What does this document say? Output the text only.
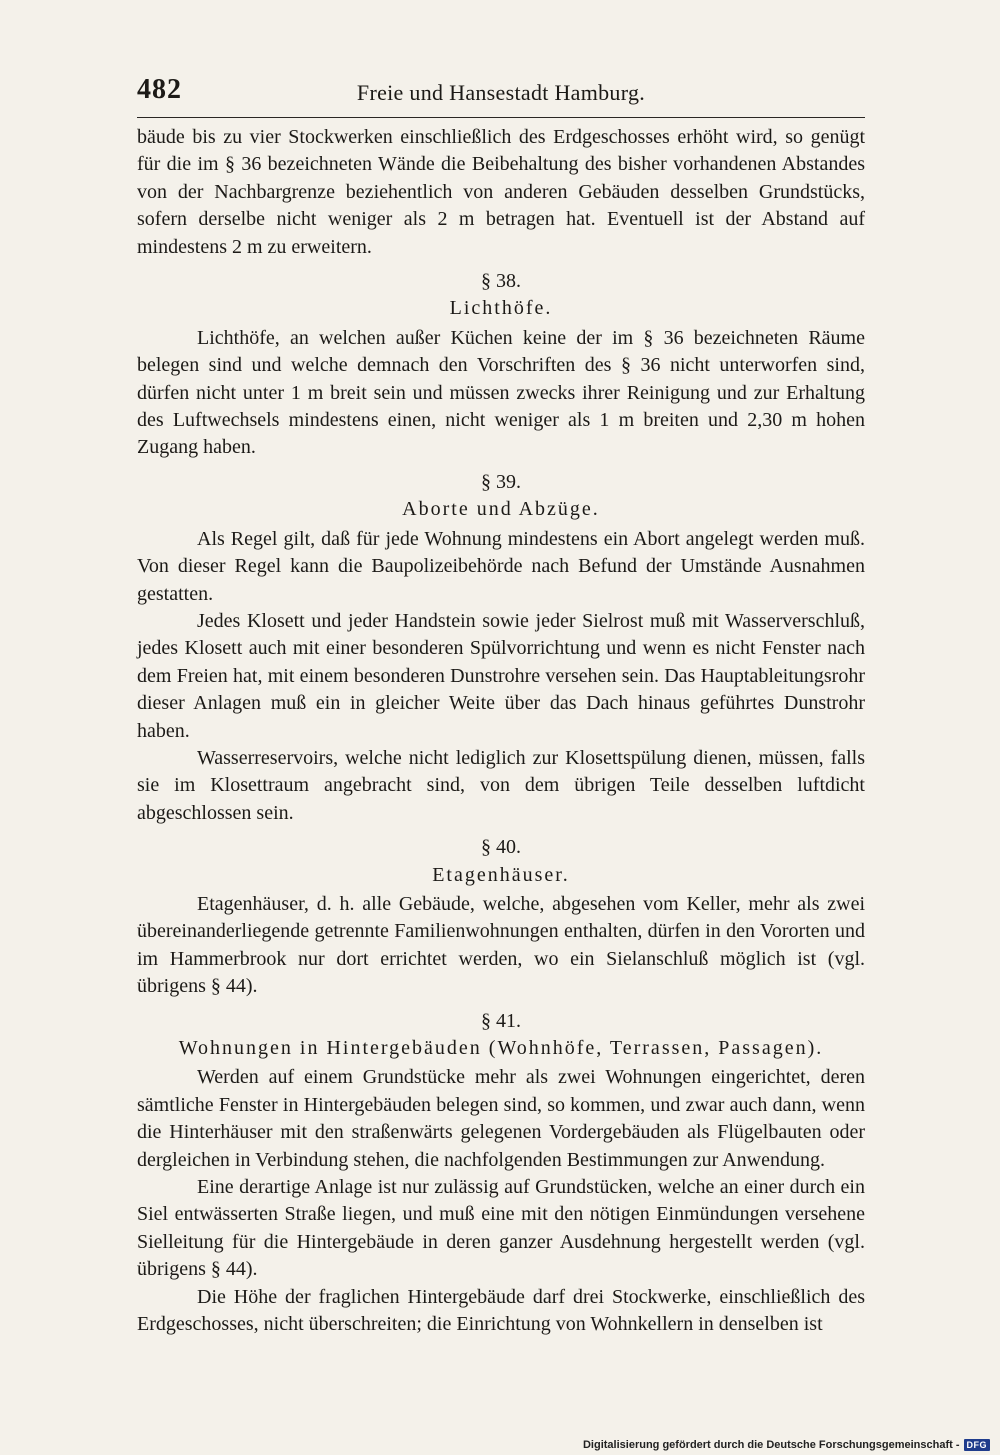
482	Freie und Hansestadt Hamburg.

bäude bis zu vier Stockwerken einschließlich des Erdgeschosses erhöht wird, so genügt für die im § 36 bezeichneten Wände die Beibehaltung des bisher vorhandenen Abstandes von der Nachbargrenze beziehentlich von anderen Gebäuden desselben Grundstücks, sofern derselbe nicht weniger als 2 m betragen hat. Eventuell ist der Abstand auf mindestens 2 m zu erweitern.

§ 38.
Lichthöfe.

Lichthöfe, an welchen außer Küchen keine der im § 36 bezeichneten Räume belegen sind und welche demnach den Vorschriften des § 36 nicht unterworfen sind, dürfen nicht unter 1 m breit sein und müssen zwecks ihrer Reinigung und zur Erhaltung des Luftwechsels mindestens einen, nicht weniger als 1 m breiten und 2,30 m hohen Zugang haben.

§ 39.
Aborte und Abzüge.

Als Regel gilt, daß für jede Wohnung mindestens ein Abort angelegt werden muß. Von dieser Regel kann die Baupolizeibehörde nach Befund der Umstände Ausnahmen gestatten.

Jedes Klosett und jeder Handstein sowie jeder Sielrost muß mit Wasserverschluß, jedes Klosett auch mit einer besonderen Spülvorrichtung und wenn es nicht Fenster nach dem Freien hat, mit einem besonderen Dunstrohre versehen sein. Das Hauptableitungsrohr dieser Anlagen muß ein in gleicher Weite über das Dach hinaus geführtes Dunstrohr haben.

Wasserreservoirs, welche nicht lediglich zur Klosettspülung dienen, müssen, falls sie im Klosettraum angebracht sind, von dem übrigen Teile desselben luftdicht abgeschlossen sein.

§ 40.
Etagenhäuser.

Etagenhäuser, d. h. alle Gebäude, welche, abgesehen vom Keller, mehr als zwei übereinanderliegende getrennte Familienwohnungen enthalten, dürfen in den Vororten und im Hammerbrook nur dort errichtet werden, wo ein Sielanschluß möglich ist (vgl. übrigens § 44).

§ 41.
Wohnungen in Hintergebäuden (Wohnhöfe, Terrassen, Passagen).

Werden auf einem Grundstücke mehr als zwei Wohnungen eingerichtet, deren sämtliche Fenster in Hintergebäuden belegen sind, so kommen, und zwar auch dann, wenn die Hinterhäuser mit den straßenwärts gelegenen Vordergebäuden als Flügelbauten oder dergleichen in Verbindung stehen, die nachfolgenden Bestimmungen zur Anwendung.

Eine derartige Anlage ist nur zulässig auf Grundstücken, welche an einer durch ein Siel entwässerten Straße liegen, und muß eine mit den nötigen Einmündungen versehene Sielleitung für die Hintergebäude in deren ganzer Ausdehnung hergestellt werden (vgl. übrigens § 44).

Die Höhe der fraglichen Hintergebäude darf drei Stockwerke, einschließlich des Erdgeschosses, nicht überschreiten; die Einrichtung von Wohnkellern in denselben ist

Digitalisierung gefördert durch die Deutsche Forschungsgemeinschaft - DFG
